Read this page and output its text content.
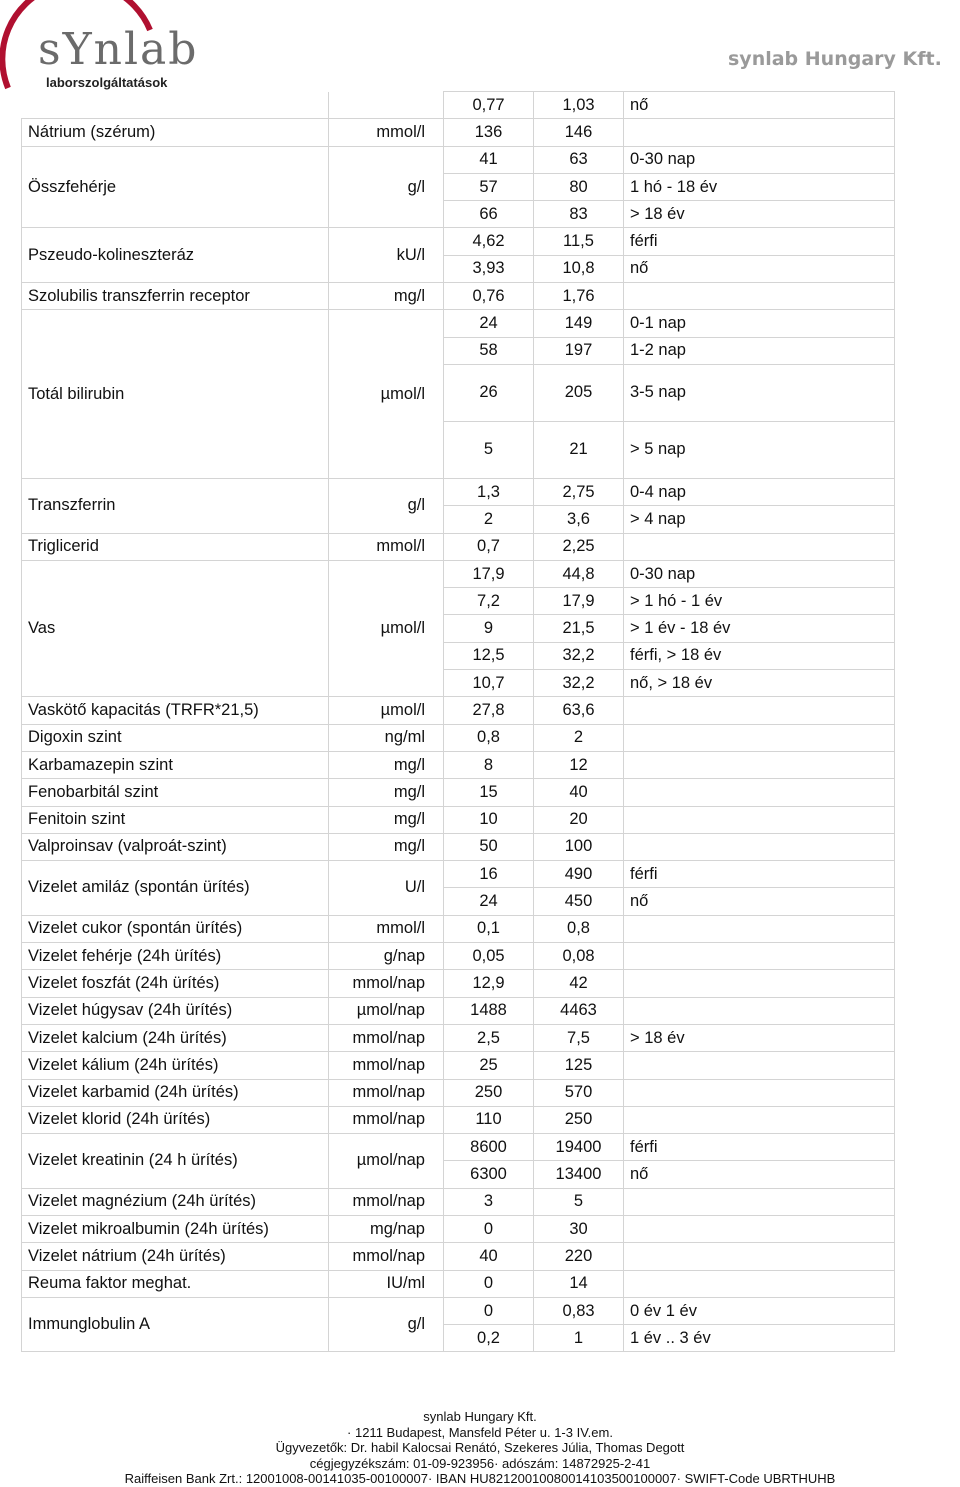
sYnlab
laborszolgáltatások
synlab Hungary Kft.
		0,77	1,03	nő
Nátrium (szérum)	mmol/l	136	146	
Összfehérje	g/l	41	63	0-30 nap
		57	80	1 hó - 18 év
		66	83	> 18 év
Pszeudo-kolineszteráz	kU/l	4,62	11,5	férfi
		3,93	10,8	nő
Szolubilis transzferrin receptor	mg/l	0,76	1,76	
Totál bilirubin	µmol/l	24	149	0-1 nap
		58	197	1-2 nap
		26	205	3-5 nap
		5	21	> 5 nap
Transzferrin	g/l	1,3	2,75	0-4 nap
		2	3,6	> 4 nap
Triglicerid	mmol/l	0,7	2,25	
Vas	µmol/l	17,9	44,8	0-30 nap
		7,2	17,9	> 1 hó - 1 év
		9	21,5	> 1 év - 18 év
		12,5	32,2	férfi, > 18 év
		10,7	32,2	nő, > 18 év
Vaskötő kapacitás (TRFR*21,5)	µmol/l	27,8	63,6	
Digoxin szint	ng/ml	0,8	2	
Karbamazepin szint	mg/l	8	12	
Fenobarbitál szint	mg/l	15	40	
Fenitoin szint	mg/l	10	20	
Valproinsav (valproát-szint)	mg/l	50	100	
Vizelet amiláz (spontán ürítés)	U/l	16	490	férfi
		24	450	nő
Vizelet cukor (spontán ürítés)	mmol/l	0,1	0,8	
Vizelet fehérje (24h ürítés)	g/nap	0,05	0,08	
Vizelet foszfát (24h ürítés)	mmol/nap	12,9	42	
Vizelet húgysav (24h ürítés)	µmol/nap	1488	4463	
Vizelet kalcium (24h ürítés)	mmol/nap	2,5	7,5	> 18 év
Vizelet kálium (24h ürítés)	mmol/nap	25	125	
Vizelet karbamid (24h ürítés)	mmol/nap	250	570	
Vizelet klorid (24h ürítés)	mmol/nap	110	250	
Vizelet kreatinin (24 h ürítés)	µmol/nap	8600	19400	férfi
		6300	13400	nő
Vizelet magnézium (24h ürítés)	mmol/nap	3	5	
Vizelet mikroalbumin (24h ürítés)	mg/nap	0	30	
Vizelet nátrium (24h ürítés)	mmol/nap	40	220	
Reuma faktor meghat.	IU/ml	0	14	
Immunglobulin A	g/l	0	0,83	0 év 1 év
		0,2	1	1 év .. 3 év
synlab Hungary Kft.
· 1211 Budapest, Mansfeld Péter u. 1-3 IV.em.
Ügyvezetők: Dr. habil Kalocsai Renátó, Szekeres Júlia, Thomas Degott
cégjegyzékszám: 01-09-923956· adószám: 14872925-2-41
Raiffeisen Bank Zrt.: 12001008-00141035-00100007· IBAN HU82120010080014103500100007· SWIFT-Code UBRTHUHB
